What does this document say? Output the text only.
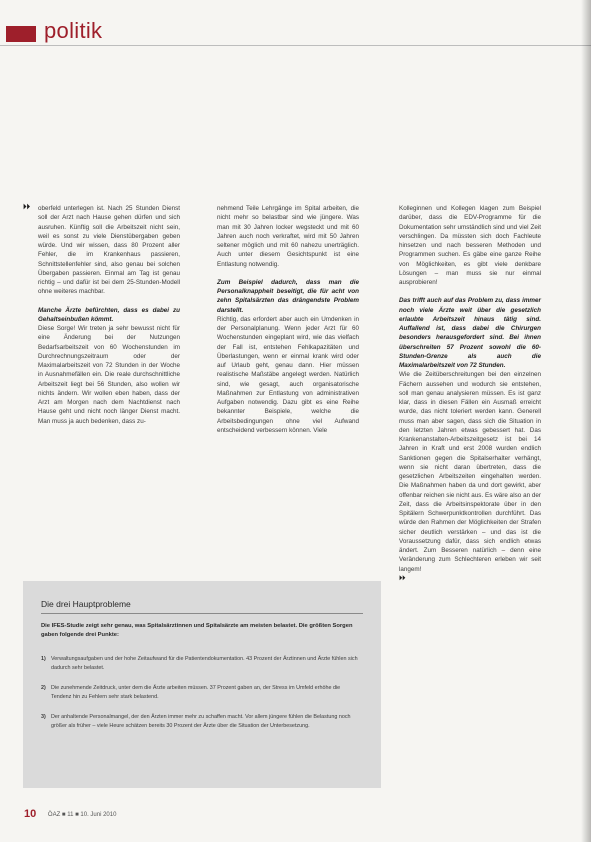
politik
⏵⏵ oberfeld unterlegen ist. Nach 25 Stunden Dienst soll der Arzt nach Hause gehen dürfen und sich ausruhen. Künftig soll die Arbeitszeit nicht sein, weil es sonst zu viele Dienstübergaben geben würde. Und wir wissen, dass 80 Prozent aller Fehler, die im Krankenhaus passieren, Schnittstellenfehler sind, also genau bei solchen Übergaben passieren. Einmal am Tag ist genau richtig – und dafür ist bei dem 25-Stunden-Modell ohne weiteres machbar.

Manche Ärzte befürchten, dass es dabei zu Gehaltseinbußen kömmt.

Diese Sorge! Wir treten ja sehr bewusst nicht für eine Änderung bei der Nutzungen Bedarfsarbeitszeit von 60 Wochenstunden im Durchrechnungszeitraum oder der Maximalarbeitszeit von 72 Stunden in der Woche in Ausnahmefällen ein. Die reale durchschnittliche Arbeitszeit liegt bei 56 Stunden, also wollen wir nichts ändern. Wir wollen eben haben, dass der Arzt am Morgen nach dem Nachtdienst nach Hause geht und nicht noch länger Dienst macht. Man muss ja auch bedenken, dass zu-

nehmend Teile Lehrgänge im Spital arbeiten, die nicht mehr so belastbar sind wie jüngere. Was man mit 30 Jahren locker wegsteckt und mit 60 Jahren auch noch verkraftet, wird mit 50 Jahren seltener möglich und mit 60 nahezu unerträglich. Auch unter diesem Gesichtspunkt ist eine Entlastung notwendig.

Zum Beispiel dadurch, dass man die Personalknappheit beseitigt, die für acht von zehn Spitalsärzten das drängendste Problem darstellt.

Richtig, das erfordert aber auch ein Umdenken in der Personalplanung. Wenn jeder Arzt für 60 Wochenstunden eingeplant wird, wie das vielfach der Fall ist, entstehen Fehlkapazitäten und Überlastungen, wenn er einmal krank wird oder auf Urlaub geht, genau dann. Hier müssen realistische Maßstäbe angelegt werden. Natürlich sind, wie gesagt, auch organisatorische Maßnahmen zur Entlastung von administrativen Aufgaben notwendig. Dazu gibt es eine Reihe bekannter Beispiele, welche die Arbeitsbedingungen ohne viel Aufwand entscheidend verbessern können. Viele

Kolleginnen und Kollegen klagen zum Beispiel darüber, dass die EDV-Programme für die Dokumentation sehr umständlich sind und viel Zeit verschlingen. Da müssten sich doch Fachleute hinsetzen und nach besseren Methoden und Programmen suchen. Es gäbe eine ganze Reihe von Möglichkeiten, es gibt viele denkbare Lösungen – man muss sie nur einmal ausprobieren!

Das trifft auch auf das Problem zu, dass immer noch viele Ärzte weit über die gesetzlich erlaubte Arbeitszeit hinaus tätig sind. Auffallend ist, dass dabei die Chirurgen besonders herausgefordert sind. Bei ihnen überschreiten 57 Prozent sowohl die 60-Stunden-Grenze als auch die Maximalarbeitszeit von 72 Stunden.

Wie die Zeitüberschreitungen bei den einzelnen Fächern aussehen und wodurch sie entstehen, soll man genau analysieren müssen. Es ist ganz klar, dass in diesen Fällen ein Ausmaß erreicht wurde, das nicht toleriert werden kann. Generell muss man aber sagen, dass sich die Situation in den letzten Jahren etwas gebessert hat. Das Krankenanstalten-Arbeitszeitgesetz ist bei 14 Jahren in Kraft und erst 2008 wurden endlich Sanktionen gegen die Spitalserhalter verhängt, wenn sie nicht daran übertreten, dass die gesetzlichen Arbeitszeiten eingehalten werden. Die Maßnahmen haben da und dort gewirkt, aber offenbar reichen sie nicht aus. Es wäre also an der Zeit, dass die Arbeitsinspektorate über in den Spitälern Schwerpunktkontrollen durchführt. Das würde den Rahmen der Möglichkeiten der Strafen sicher deutlich verstärken – und das ist die Voraussetzung dafür, dass sich endlich etwas ändert. Zum Besseren natürlich – denn eine Veränderung zum Schlechteren erleben wir seit langem!

⏵⏵
Die drei Hauptprobleme
Die IFES-Studie zeigt sehr genau, was Spitalsärztinnen und Spitalsärzte am meisten belastet. Die größten Sorgen gaben folgende drei Punkte:
1) Verwaltungsaufgaben und der hohe Zeitaufwand für die Patientendokumentation. 43 Prozent der Ärztinnen und Ärzte fühlen sich dadurch sehr belastet.
2) Die zunehmende Zeitdruck, unter dem die Ärzte arbeiten müssen. 37 Prozent gaben an, der Stress im Umfeld erhöhe die Tendenz hin zu Fehlern sehr stark belastend.
3) Der anhaltende Personalmangel, der den Ärzten immer mehr zu schaffen macht. Vor allem jüngere fühlen die Belastung noch größer als früher – viele Heure schätzen bereits 30 Prozent der Ärzte über die Situation der Unterbesetzung.
10 ÖAZ ■ 11 ■ 10. Juni 2010
